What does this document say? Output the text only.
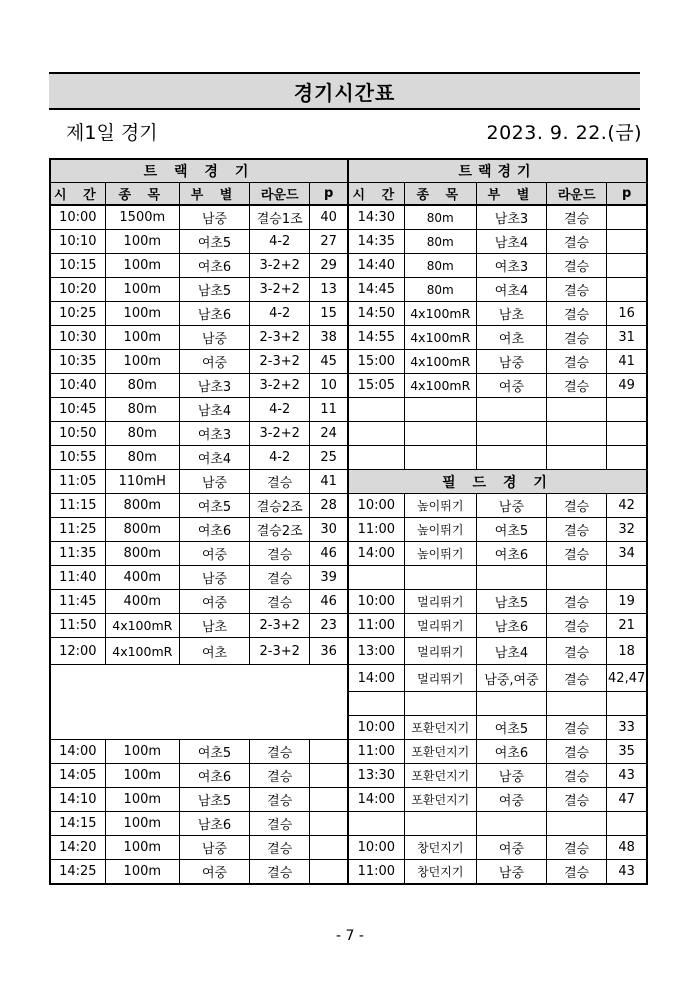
경기시간표
제1일 경기	2023. 9. 22.(금)
트 랙 경 기					트랙경기				
시 간	종 목	부 별	라운드	p	시 간	종 목	부 별	라운드	p
10:00	1500m	남중	결승1조	40	14:30	80m	남초3	결승	
10:10	100m	여초5	4-2	27	14:35	80m	남초4	결승	
10:15	100m	여초6	3-2+2	29	14:40	80m	여초3	결승	
10:20	100m	남초5	3-2+2	13	14:45	80m	여초4	결승	
10:25	100m	남초6	4-2	15	14:50	4x100mR	남초	결승	16
10:30	100m	남중	2-3+2	38	14:55	4x100mR	여초	결승	31
10:35	100m	여중	2-3+2	45	15:00	4x100mR	남중	결승	41
10:40	80m	남초3	3-2+2	10	15:05	4x100mR	여중	결승	49
10:45	80m	남초4	4-2	11					
10:50	80m	여초3	3-2+2	24					
10:55	80m	여초4	4-2	25					
11:05	110mH	남중	결승	41	필 드 경 기				
11:15	800m	여초5	결승2조	28	10:00	높이뛰기	남중	결승	42
11:25	800m	여초6	결승2조	30	11:00	높이뛰기	여초5	결승	32
11:35	800m	여중	결승	46	14:00	높이뛰기	여초6	결승	34
11:40	400m	남중	결승	39					
11:45	400m	여중	결승	46	10:00	멀리뛰기	남초5	결승	19
11:50	4x100mR	남초	2-3+2	23	11:00	멀리뛰기	남초6	결승	21
12:00	4x100mR	여초	2-3+2	36	13:00	멀리뛰기	남초4	결승	18
					14:00	멀리뛰기	남중,여중	결승	42,47

					10:00	포환던지기	여초5	결승	33
14:00	100m	여초5	결승		11:00	포환던지기	여초6	결승	35
14:05	100m	여초6	결승		13:30	포환던지기	남중	결승	43
14:10	100m	남초5	결승		14:00	포환던지기	여중	결승	47
14:15	100m	남초6	결승						
14:20	100m	남중	결승		10:00	창던지기	여중	결승	48
14:25	100m	여중	결승		11:00	창던지기	남중	결승	43
- 7 -
